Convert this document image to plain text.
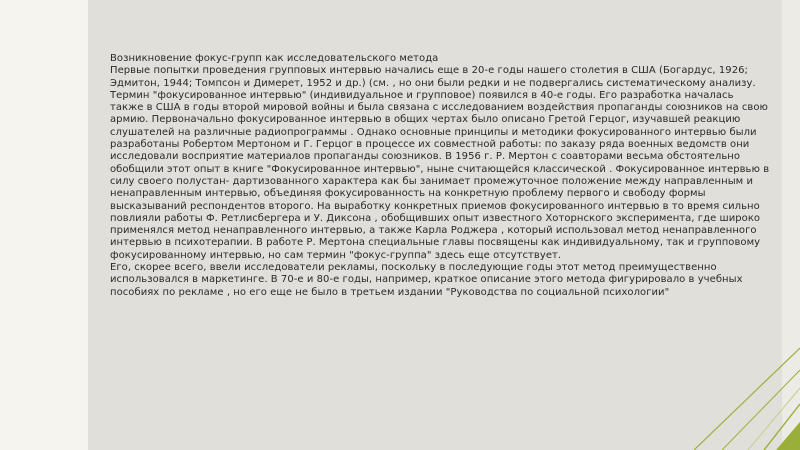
Возникновение фокус-групп как исследовательского метода

Первые попытки проведения групповых интервью начались еще в 20-е годы нашего столетия в США (Богардус, 1926; Эдмитон, 1944; Томпсон и Димерет, 1952 и др.) (см. , но они были редки и не подвергались систематическому анализу.

Термин "фокусированное интервью" (индивидуальное и групповое) появился в 40-е годы. Его разработка началась также в США в годы второй мировой войны и была связана с исследованием воздействия пропаганды союзников на свою армию. Первоначально фокусированное интервью в общих чертах было описано Гретой Герцог, изучавшей реакцию слушателей на различные радиопрограммы . Однако основные принципы и методики фокусированного интервью были разработаны Робертом Мертоном и Г. Герцог в процессе их совместной работы: по заказу ряда военных ведомств они исследовали восприятие материалов пропаганды союзников. В 1956 г. Р. Мертон с соавторами весьма обстоятельно обобщили этот опыт в книге "Фокусированное интервью", ныне считающейся классической . Фокусированное интервью в силу своего полустан- дартизованного характера как бы занимает промежуточное положение между направленным и ненаправленным интервью, объединяя фокусированность на конкретную проблему первого и свободу формы высказываний респондентов второго. На выработку конкретных приемов фокусированного интервью в то время сильно повлияли работы Ф. Ретлисбергера и У. Диксона , обобщивших опыт известного Хоторнского эксперимента, где широко применялся метод ненаправленного интервью, а также Карла Роджера , который использовал метод ненаправленного интервью в психотерапии. В работе Р. Мертона специальные главы посвящены как индивидуальному, так и групповому фокусированному интервью, но сам термин "фокус-группа" здесь еще отсутствует.

Его, скорее всего, ввели исследователи рекламы, поскольку в последующие годы этот метод преимущественно использовался в маркетинге. В 70-е и 80-е годы, например, краткое описание этого метода фигурировало в учебных пособиях по рекламе , но его еще не было в третьем издании "Руководства по социальной психологии"
